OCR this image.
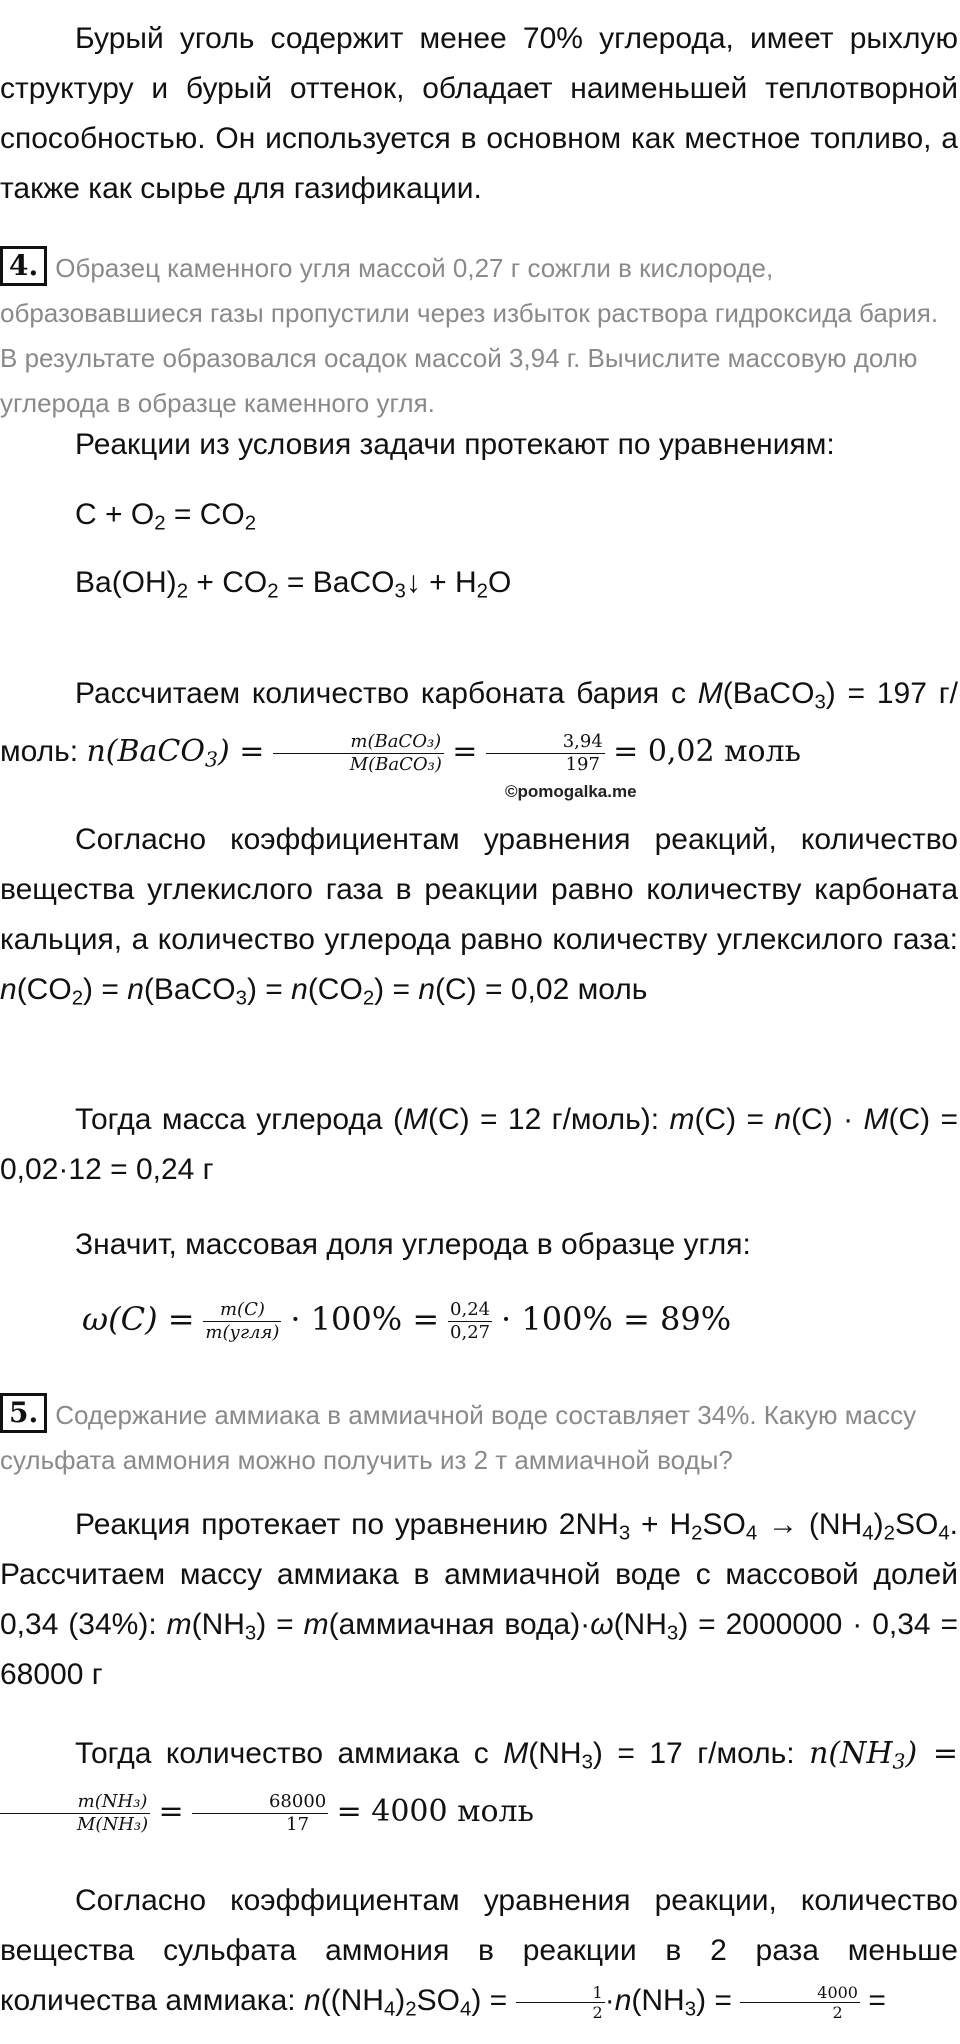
Бурый уголь содержит менее 70% углерода, имеет рыхлую структуру и бурый оттенок, обладает наименьшей теплотворной способностью. Он используется в основном как местное топливо, а также как сырье для газификации.

4. Образец каменного угля массой 0,27 г сожгли в кислороде, образовавшиеся газы пропустили через избыток раствора гидроксида бария. В результате образовался осадок массой 3,94 г. Вычислите массовую долю углерода в образце каменного угля.

Реакции из условия задачи протекают по уравнениям:

$C + O_2 = CO_2$

$Ba(OH)_2 + CO_2$ = BaCO$_3$↓ + $H_2O$

Рассчитаем количество карбоната бария с M(BaCO$_3$) = 197 г/моль: n(BaCO$_3$) = $\frac{\text{m(BaCO₃)}}{\text{M(BaCO₃)}} = \frac{3,94}{197} = 0,02$ моль

©pomogalka.me

Согласно коэффициентам уравнения реакций, количество вещества углекислого газа в реакции равно количеству карбоната кальция, а количество углерода равно количеству углексилого газа: $n(CO_2)$ = n(BaCO$_3$) = $n(CO_2) = n(C) = 0,02$ моль

Тогда масса углерода (M(C) = 12 г/моль): m(C) = n(C) · M(C) = 0,02·12 = 0,24 г

Значит, массовая доля углерода в образце угля:

$\omega(C) = \frac{m(C)}{\text{m(угля)}} \cdot 100\% = \frac{0,24}{0,27} \cdot 100\% = 89\%$

5. Содержание аммиака в аммиачной воде составляет 34%. Какую массу сульфата аммония можно получить из 2 т аммиачной воды?

Реакция протекает по уравнению $2NH_3 + H_2SO_4 \to (NH_4)_2SO_4$. Рассчитаем массу аммиака в аммиачной воде с массовой долей 0,34 (34%): $m(NH_3)$ = m(аммиачная $вода)\cdot\omega(NH_3) = 2000000 \cdot 0,34 = 68000$ г

Тогда количество аммиака с $M(NH_3) = 17$ г/моль: $n(NH_3)$ =
$\frac{\text{m(NH₃)}}{\text{M(NH₃)}} = \frac{68000}{17} = 4000$ моль

Согласно коэффициентам уравнения реакции, количество вещества сульфата аммония в реакции в 2 раза меньше количества аммиака: $n((NH_4)_2SO_4) = \frac{1}{2} \cdot n(NH_3) = \frac{4000}{2}$ =
